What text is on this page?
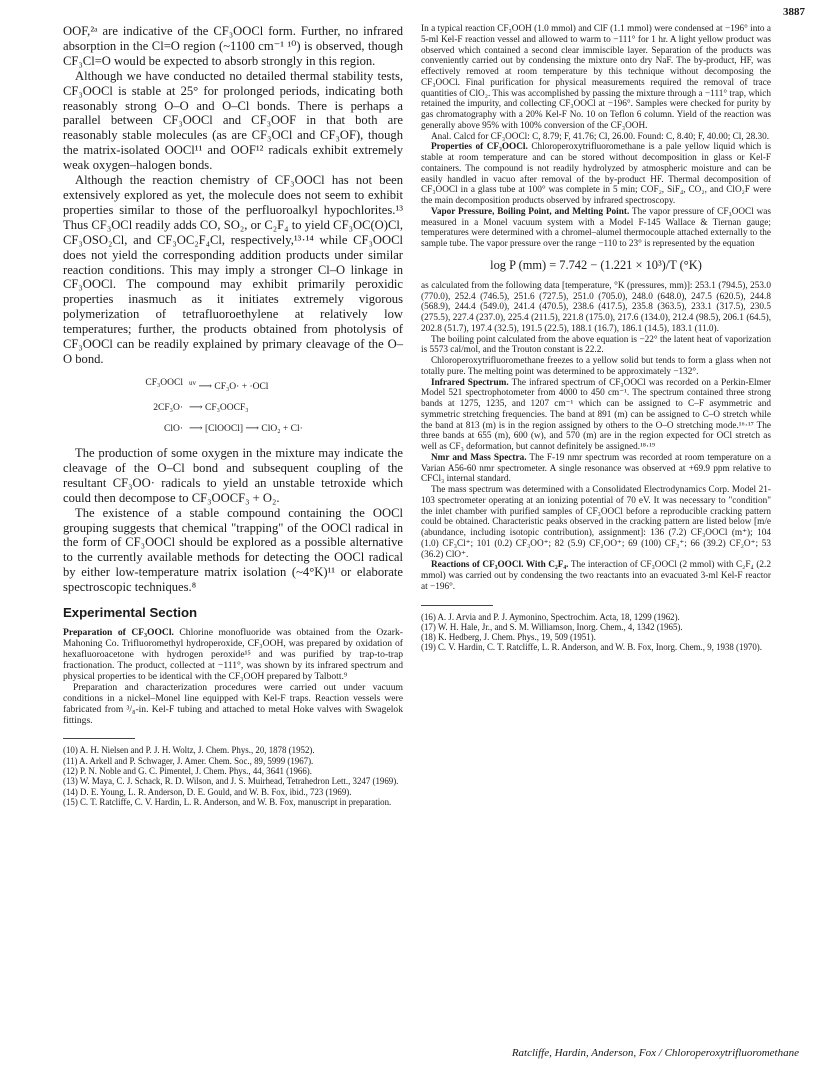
3887

OOF,²ᵃ are indicative of the CF₃OOCl form. Further, no infrared absorption in the Cl=O region (~1100 cm⁻¹ ¹⁰) is observed, though CF₃Cl=O would be expected to absorb strongly in this region.

Although we have conducted no detailed thermal stability tests, CF₃OOCl is stable at 25° for prolonged periods, indicating both reasonably strong O–O and O–Cl bonds. There is perhaps a parallel between CF₃OOCl and CF₃OOF in that both are reasonably stable molecules (as are CF₃OCl and CF₃OF), though the matrix-isolated OOCl¹¹ and OOF¹² radicals exhibit extremely weak oxygen–halogen bonds.

Although the reaction chemistry of CF₃OOCl has not been extensively explored as yet, the molecule does not seem to exhibit properties similar to those of the perfluoroalkyl hypochlorites.¹³ Thus CF₃OCl readily adds CO, SO₂, or C₂F₄ to yield CF₃OC(O)Cl, CF₃OSO₂Cl, and CF₃OC₂F₄Cl, respectively,¹³·¹⁴ while CF₃OOCl does not yield the corresponding addition products under similar reaction conditions. This may imply a stronger Cl–O linkage in CF₃OOCl. The compound may exhibit primarily peroxidic properties inasmuch as it initiates extremely vigorous polymerization of tetrafluoroethylene at relatively low temperatures; further, the products obtained from photolysis of CF₃OOCl can be readily explained by primary cleavage of the O–O bond.

CF₃OOCl $^{uv}$ ⟶ CF₃O· + ·OCl
2CF₃O· ⟶ CF₃OOCF₃
ClO· ⟶ [ClOOCl] ⟶ ClO₂ + Cl·

The production of some oxygen in the mixture may indicate the cleavage of the O–Cl bond and subsequent coupling of the resultant CF₃OO· radicals to yield an unstable tetroxide which could then decompose to CF₃OOCF₃ + O₂.

The existence of a stable compound containing the OOCl grouping suggests that chemical "trapping" of the OOCl radical in the form of CF₃OOCl should be explored as a possible alternative to the currently available methods for detecting the OOCl radical by either low-temperature matrix isolation (~4°K)¹¹ or elaborate spectroscopic techniques.⁸

Experimental Section

Preparation of CF₃OOCl. Chlorine monofluoride was obtained from the Ozark-Mahoning Co. Trifluoromethyl hydroperoxide, CF₃OOH, was prepared by oxidation of hexafluoroacetone with hydrogen peroxide¹⁵ and was purified by trap-to-trap fractionation. The product, collected at −111°, was shown by its infrared spectrum and physical properties to be identical with the CF₃OOH prepared by Talbott.⁹

Preparation and characterization procedures were carried out under vacuum conditions in a nickel–Monel line equipped with Kel-F traps. Reaction vessels were fabricated from ³/₈-in. Kel-F tubing and attached to metal Hoke valves with Swagelok fittings.

(10) A. H. Nielsen and P. J. H. Woltz, J. Chem. Phys., 20, 1878 (1952).

(11) A. Arkell and P. Schwager, J. Amer. Chem. Soc., 89, 5999 (1967).

(12) P. N. Noble and G. C. Pimentel, J. Chem. Phys., 44, 3641 (1966).

(13) W. Maya, C. J. Schack, R. D. Wilson, and J. S. Muirhead, Tetrahedron Lett., 3247 (1969).

(14) D. E. Young, L. R. Anderson, D. E. Gould, and W. B. Fox, ibid., 723 (1969).

(15) C. T. Ratcliffe, C. V. Hardin, L. R. Anderson, and W. B. Fox, manuscript in preparation.

In a typical reaction CF₃OOH (1.0 mmol) and ClF (1.1 mmol) were condensed at −196° into a 5-ml Kel-F reaction vessel and allowed to warm to −111° for 1 hr. A light yellow product was observed which contained a second clear immiscible layer. Separation of the products was conveniently carried out by condensing the mixture onto dry NaF. The by-product, HF, was effectively removed at room temperature by this technique without decomposing the CF₃OOCl. Final purification for physical measurements required the removal of trace quantities of ClO₂. This was accomplished by passing the mixture through a −111° trap, which retained the impurity, and collecting CF₃OOCl at −196°. Samples were checked for purity by gas chromatography with a 20% Kel-F No. 10 on Teflon 6 column. Yield of the reaction was generally above 95% with 100% conversion of the CF₃OOH.

Anal. Calcd for CF₃OOCl: C, 8.79; F, 41.76; Cl, 26.00. Found: C, 8.40; F, 40.00; Cl, 28.30.

Properties of CF₃OOCl. Chloroperoxytrifluoromethane is a pale yellow liquid which is stable at room temperature and can be stored without decomposition in glass or Kel-F containers. The compound is not readily hydrolyzed by atmospheric moisture and can be easily handled in vacuo after removal of the by-product HF. Thermal decomposition of CF₃OOCl in a glass tube at 100° was complete in 5 min; COF₂, SiF₄, CO₂, and ClO₂F were the main decomposition products observed by infrared spectroscopy.

Vapor Pressure, Boiling Point, and Melting Point. The vapor pressure of CF₃OOCl was measured in a Monel vacuum system with a Model F-145 Wallace & Tiernan gauge; temperatures were determined with a chromel–alumel thermocouple attached externally to the sample tube. The vapor pressure over the range −110 to 23° is represented by the equation

log P (mm) = 7.742 − (1.221 × 10³)/T (°K)

as calculated from the following data [temperature, °K (pressures, mm)]: 253.1 (794.5), 253.0 (770.0), 252.4 (746.5), 251.6 (727.5), 251.0 (705.0), 248.0 (648.0), 247.5 (620.5), 244.8 (568.9), 244.4 (549.0), 241.4 (470.5), 238.6 (417.5), 235.8 (363.5), 233.1 (317.5), 230.5 (275.5), 227.4 (237.0), 225.4 (211.5), 221.8 (175.0), 217.6 (134.0), 212.4 (98.5), 206.1 (64.5), 202.8 (51.7), 197.4 (32.5), 191.5 (22.5), 188.1 (16.7), 186.1 (14.5), 183.1 (11.0).

The boiling point calculated from the above equation is −22° the latent heat of vaporization is 5573 cal/mol, and the Trouton constant is 22.2.

Chloroperoxytrifluoromethane freezes to a yellow solid but tends to form a glass when not totally pure. The melting point was determined to be approximately −132°.

Infrared Spectrum. The infrared spectrum of CF₃OOCl was recorded on a Perkin-Elmer Model 521 spectrophotometer from 4000 to 450 cm⁻¹. The spectrum contained three strong bands at 1275, 1235, and 1207 cm⁻¹ which can be assigned to C–F asymmetric and symmetric stretching frequencies. The band at 891 (m) can be assigned to C–O stretch while the band at 813 (m) is in the region assigned by others to the O–O stretching mode.¹⁶·¹⁷ The three bands at 655 (m), 600 (w), and 570 (m) are in the region expected for OCl stretch as well as CF₃ deformation, but cannot definitely be assigned.¹⁸·¹⁹

Nmr and Mass Spectra. The F-19 nmr spectrum was recorded at room temperature on a Varian A56-60 nmr spectrometer. A single resonance was observed at +69.9 ppm relative to CFCl₃ internal standard.

The mass spectrum was determined with a Consolidated Electrodynamics Corp. Model 21-103 spectrometer operating at an ionizing potential of 70 eV. It was necessary to "condition" the inlet chamber with purified samples of CF₃OOCl before a reproducible cracking pattern could be obtained. Characteristic peaks observed in the cracking pattern are listed below [m/e (abundance, including isotopic contribution), assignment]: 136 (7.2) CF₃OOCl (m⁺); 104 (1.0) CF₃Cl⁺; 101 (0.2) CF₃OO⁺; 82 (5.9) CF₂OO⁺; 69 (100) CF₃⁺; 66 (39.2) CF₂O⁺; 53 (36.2) ClO⁺.

Reactions of CF₃OOCl. With C₂F₄. The interaction of CF₃OOCl (2 mmol) with C₂F₄ (2.2 mmol) was carried out by condensing the two reactants into an evacuated 3-ml Kel-F reactor at −196°.

(16) A. J. Arvia and P. J. Aymonino, Spectrochim. Acta, 18, 1299 (1962).

(17) W. H. Hale, Jr., and S. M. Williamson, Inorg. Chem., 4, 1342 (1965).

(18) K. Hedberg, J. Chem. Phys., 19, 509 (1951).

(19) C. V. Hardin, C. T. Ratcliffe, L. R. Anderson, and W. B. Fox, Inorg. Chem., 9, 1938 (1970).

Ratcliffe, Hardin, Anderson, Fox / Chloroperoxytrifluoromethane
